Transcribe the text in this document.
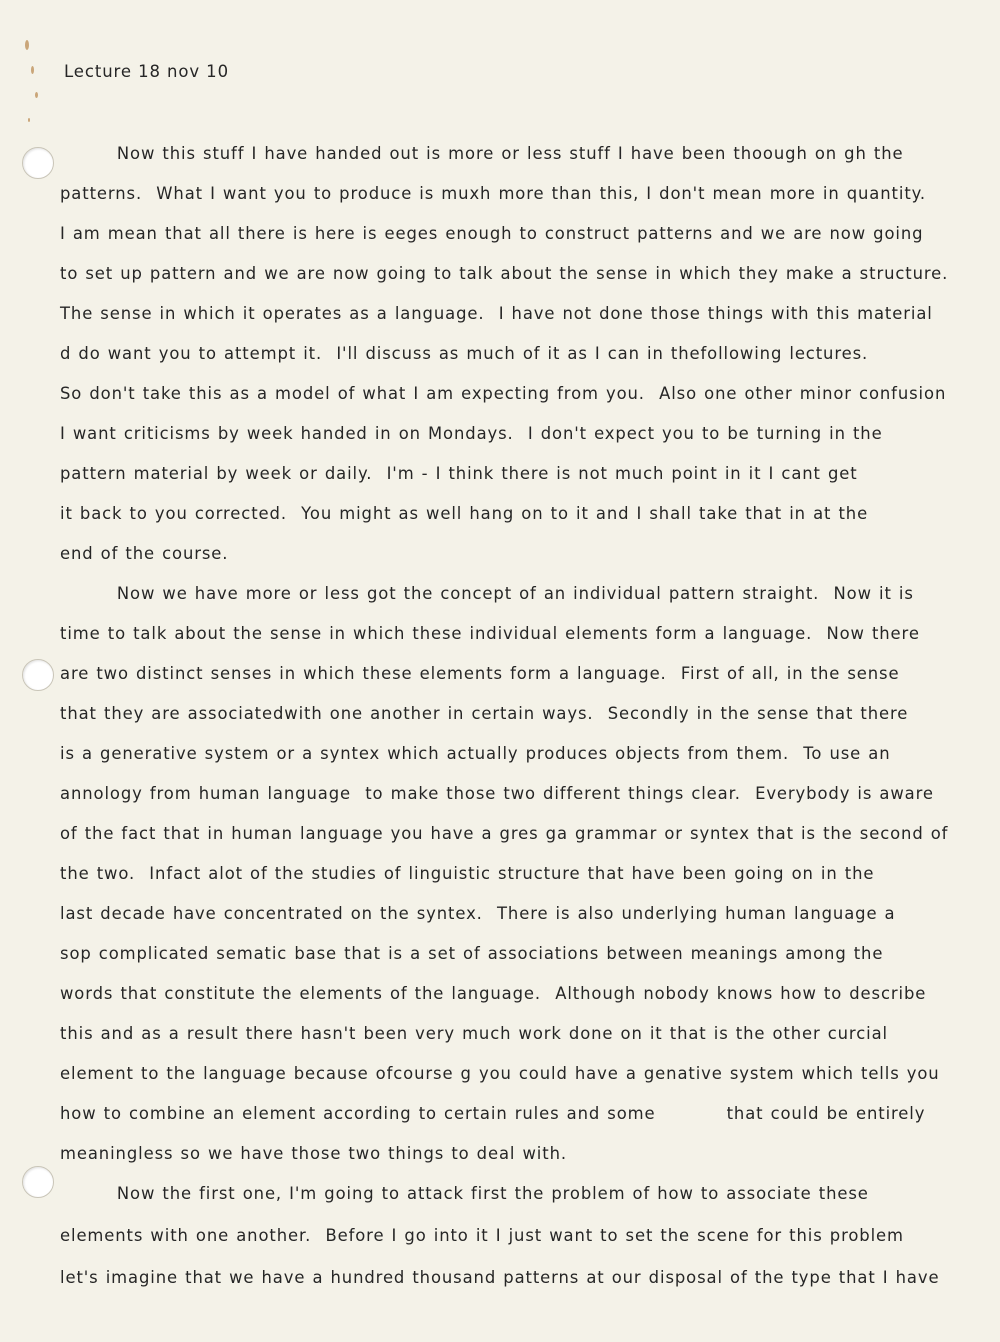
Lecture 18 nov 10
Now this stuff I have handed out is more or less stuff I have been thoough on gh the
patterns.  What I want you to produce is muxh more than this, I don't mean more in quantity.
I am mean that all there is here is eeges enough to construct patterns and we are now going
to set up pattern and we are now going to talk about the sense in which they make a structure.
The sense in which it operates as a language.  I have not done those things with this material
d do want you to attempt it.  I'll discuss as much of it as I can in thefollowing lectures.
So don't take this as a model of what I am expecting from you.  Also one other minor confusion
I want criticisms by week handed in on Mondays.  I don't expect you to be turning in the
pattern material by week or daily.  I'm - I think there is not much point in it I cant get
it back to you corrected.  You might as well hang on to it and I shall take that in at the
end of the course.
Now we have more or less got the concept of an individual pattern straight.  Now it is
time to talk about the sense in which these individual elements form a language.  Now there
are two distinct senses in which these elements form a language.  First of all, in the sense
that they are associatedwith one another in certain ways.  Secondly in the sense that there
is a generative system or a syntex which actually produces objects from them.  To use an
annology from human language  to make those two different things clear.  Everybody is aware
of the fact that in human language you have a gres ga grammar or syntex that is the second of
the two.  Infact alot of the studies of linguistic structure that have been going on in the
last decade have concentrated on the syntex.  There is also underlying human language a
sop complicated sematic base that is a set of associations between meanings among the
words that constitute the elements of the language.  Although nobody knows how to describe
this and as a result there hasn't been very much work done on it that is the other curcial
element to the language because ofcourse g you could have a genative system which tells you
how to combine an element according to certain rules and some          that could be entirely
meaningless so we have those two things to deal with.
Now the first one, I'm going to attack first the problem of how to associate these
elements with one another.  Before I go into it I just want to set the scene for this problem
let's imagine that we have a hundred thousand patterns at our disposal of the type that I have
